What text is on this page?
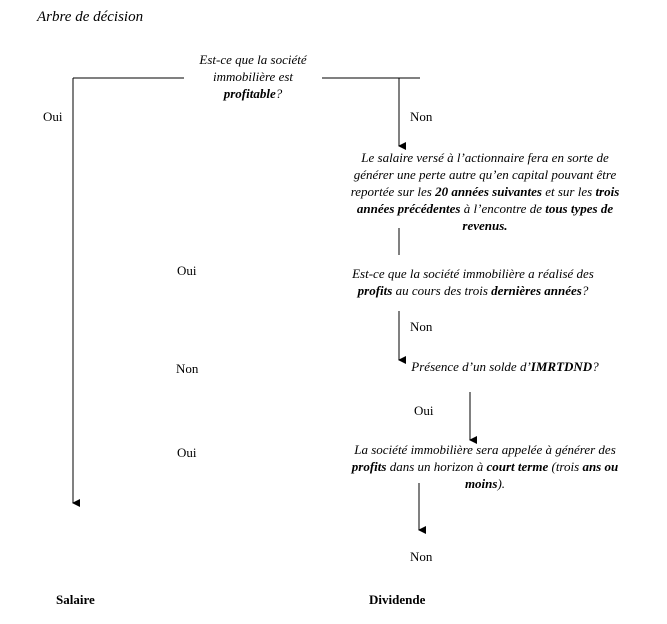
Arbre de décision
Est-ce que la société
immobilière est
profitable?
Le salaire versé à l’actionnaire fera en sorte de
générer une perte autre qu’en capital pouvant être
reportée sur les 20 années suivantes et sur les trois
années précédentes à l’encontre de tous types de
revenus.
Est-ce que la société immobilière a réalisé des
profits au cours des trois dernières années?
Présence d’un solde d’IMRTDND?
La société immobilière sera appelée à générer des
profits dans un horizon à court terme (trois ans ou
moins).
Oui	Non
Oui
Non
Non
Oui
Oui
Non
Salaire	Dividende
